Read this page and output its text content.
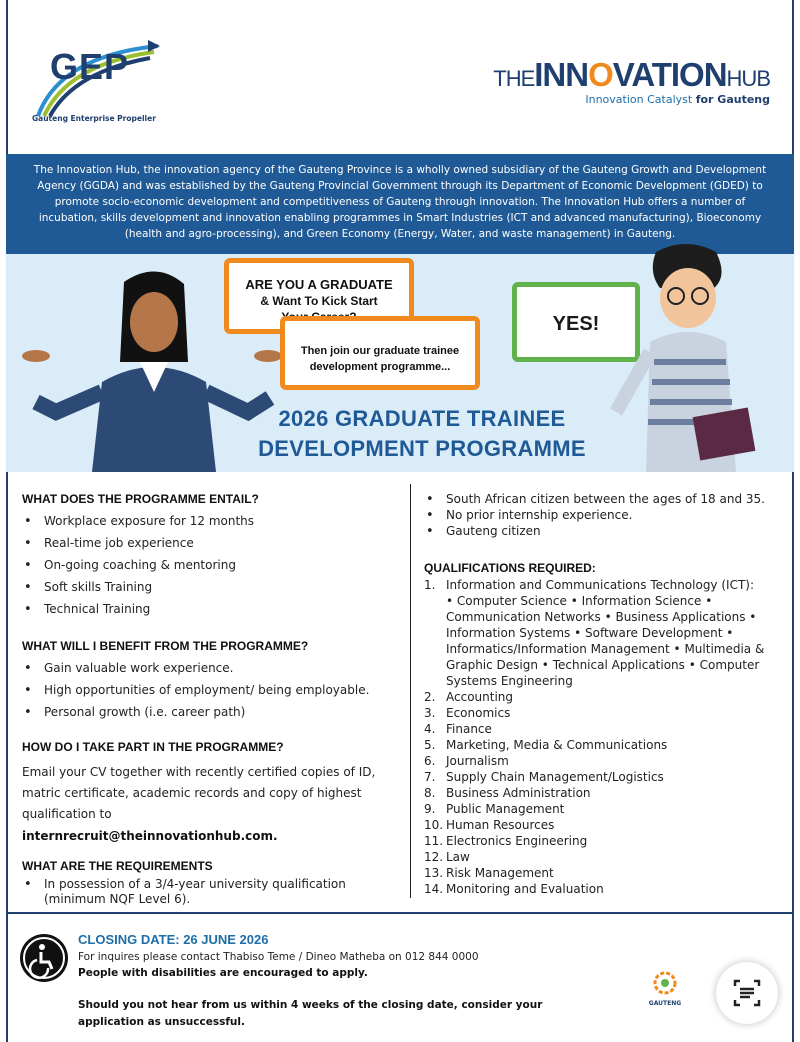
GEP
Gauteng Enterprise Propeller
THEINNOVATIONHUB
Innovation Catalyst for Gauteng
The Innovation Hub, the innovation agency of the Gauteng Province is a wholly owned subsidiary of the Gauteng Growth and Development Agency (GGDA) and was established by the Gauteng Provincial Government through its Department of Economic Development (GDED) to promote socio-economic development and competitiveness of Gauteng through innovation. The Innovation Hub offers a number of incubation, skills development and innovation enabling programmes in Smart Industries (ICT and advanced manufacturing), Bioeconomy (health and agro-processing), and Green Economy (Energy, Water, and waste management) in Gauteng.
ARE YOU A GRADUATE
& Want To Kick Start
Then join our graduate trainee
development programme...
YES!
2026 GRADUATE TRAINEE
DEVELOPMENT PROGRAMME
WHAT DOES THE PROGRAMME ENTAIL?
• Workplace exposure for 12 months
• Real-time job experience
• On-going coaching & mentoring
• Soft skills Training
• Technical Training
WHAT WILL I BENEFIT FROM THE PROGRAMME?
• Gain valuable work experience.
• High opportunities of employment/ being employable.
• Personal growth (i.e. career path)
HOW DO I TAKE PART IN THE PROGRAMME?
Email your CV together with recently certified copies of ID, matric certificate, academic records and copy of highest qualification to
internrecruit@theinnovationhub.com.
WHAT ARE THE REQUIREMENTS
• In possession of a 3/4-year university qualification (minimum NQF Level 6).
• South African citizen between the ages of 18 and 35.
• No prior internship experience.
• Gauteng citizen
QUALIFICATIONS REQUIRED:
1. Information and Communications Technology (ICT):
• Computer Science • Information Science • Communication Networks • Business Applications • Information Systems • Software Development • Informatics/Information Management • Multimedia & Graphic Design • Technical Applications • Computer Systems Engineering
2. Accounting
3. Economics
4. Finance
5. Marketing, Media & Communications
6. Journalism
7. Supply Chain Management/Logistics
8. Business Administration
9. Public Management
10. Human Resources
11. Electronics Engineering
12. Law
13. Risk Management
14. Monitoring and Evaluation
CLOSING DATE: 26 JUNE 2026
For inquires please contact Thabiso Teme / Dineo Matheba on 012 844 0000
People with disabilities are encouraged to apply.
Should you not hear from us within 4 weeks of the closing date, consider your application as unsuccessful.
GAUTENG
